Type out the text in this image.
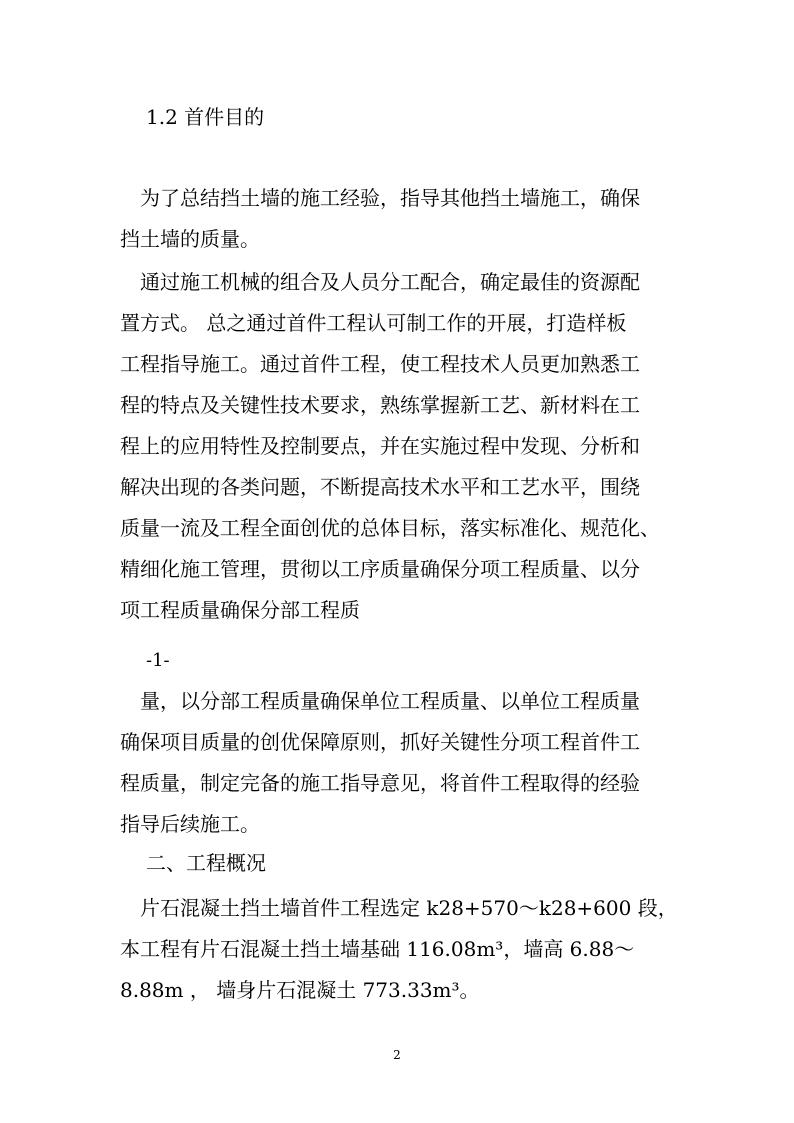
1.2 首件目的
　为了总结挡土墙的施工经验，指导其他挡土墙施工，确保
挡土墙的质量。
　通过施工机械的组合及人员分工配合，确定最佳的资源配
置方式。 总之通过首件工程认可制工作的开展，打造样板
工程指导施工。通过首件工程，使工程技术人员更加熟悉工
程的特点及关键性技术要求，熟练掌握新工艺、新材料在工
程上的应用特性及控制要点，并在实施过程中发现、分析和
解决出现的各类问题，不断提高技术水平和工艺水平，围绕
质量一流及工程全面创优的总体目标，落实标准化、规范化、
精细化施工管理，贯彻以工序质量确保分项工程质量、以分
项工程质量确保分部工程质
-1-
　量，以分部工程质量确保单位工程质量、以单位工程质量
确保项目质量的创优保障原则，抓好关键性分项工程首件工
程质量，制定完备的施工指导意见，将首件工程取得的经验
指导后续施工。
二、工程概况
　片石混凝土挡土墙首件工程选定 k28+570～k28+600 段，
本工程有片石混凝土挡土墙基础 116.08m³，墙高 6.88～
8.88m ， 墙身片石混凝土 773.33m³。
2
